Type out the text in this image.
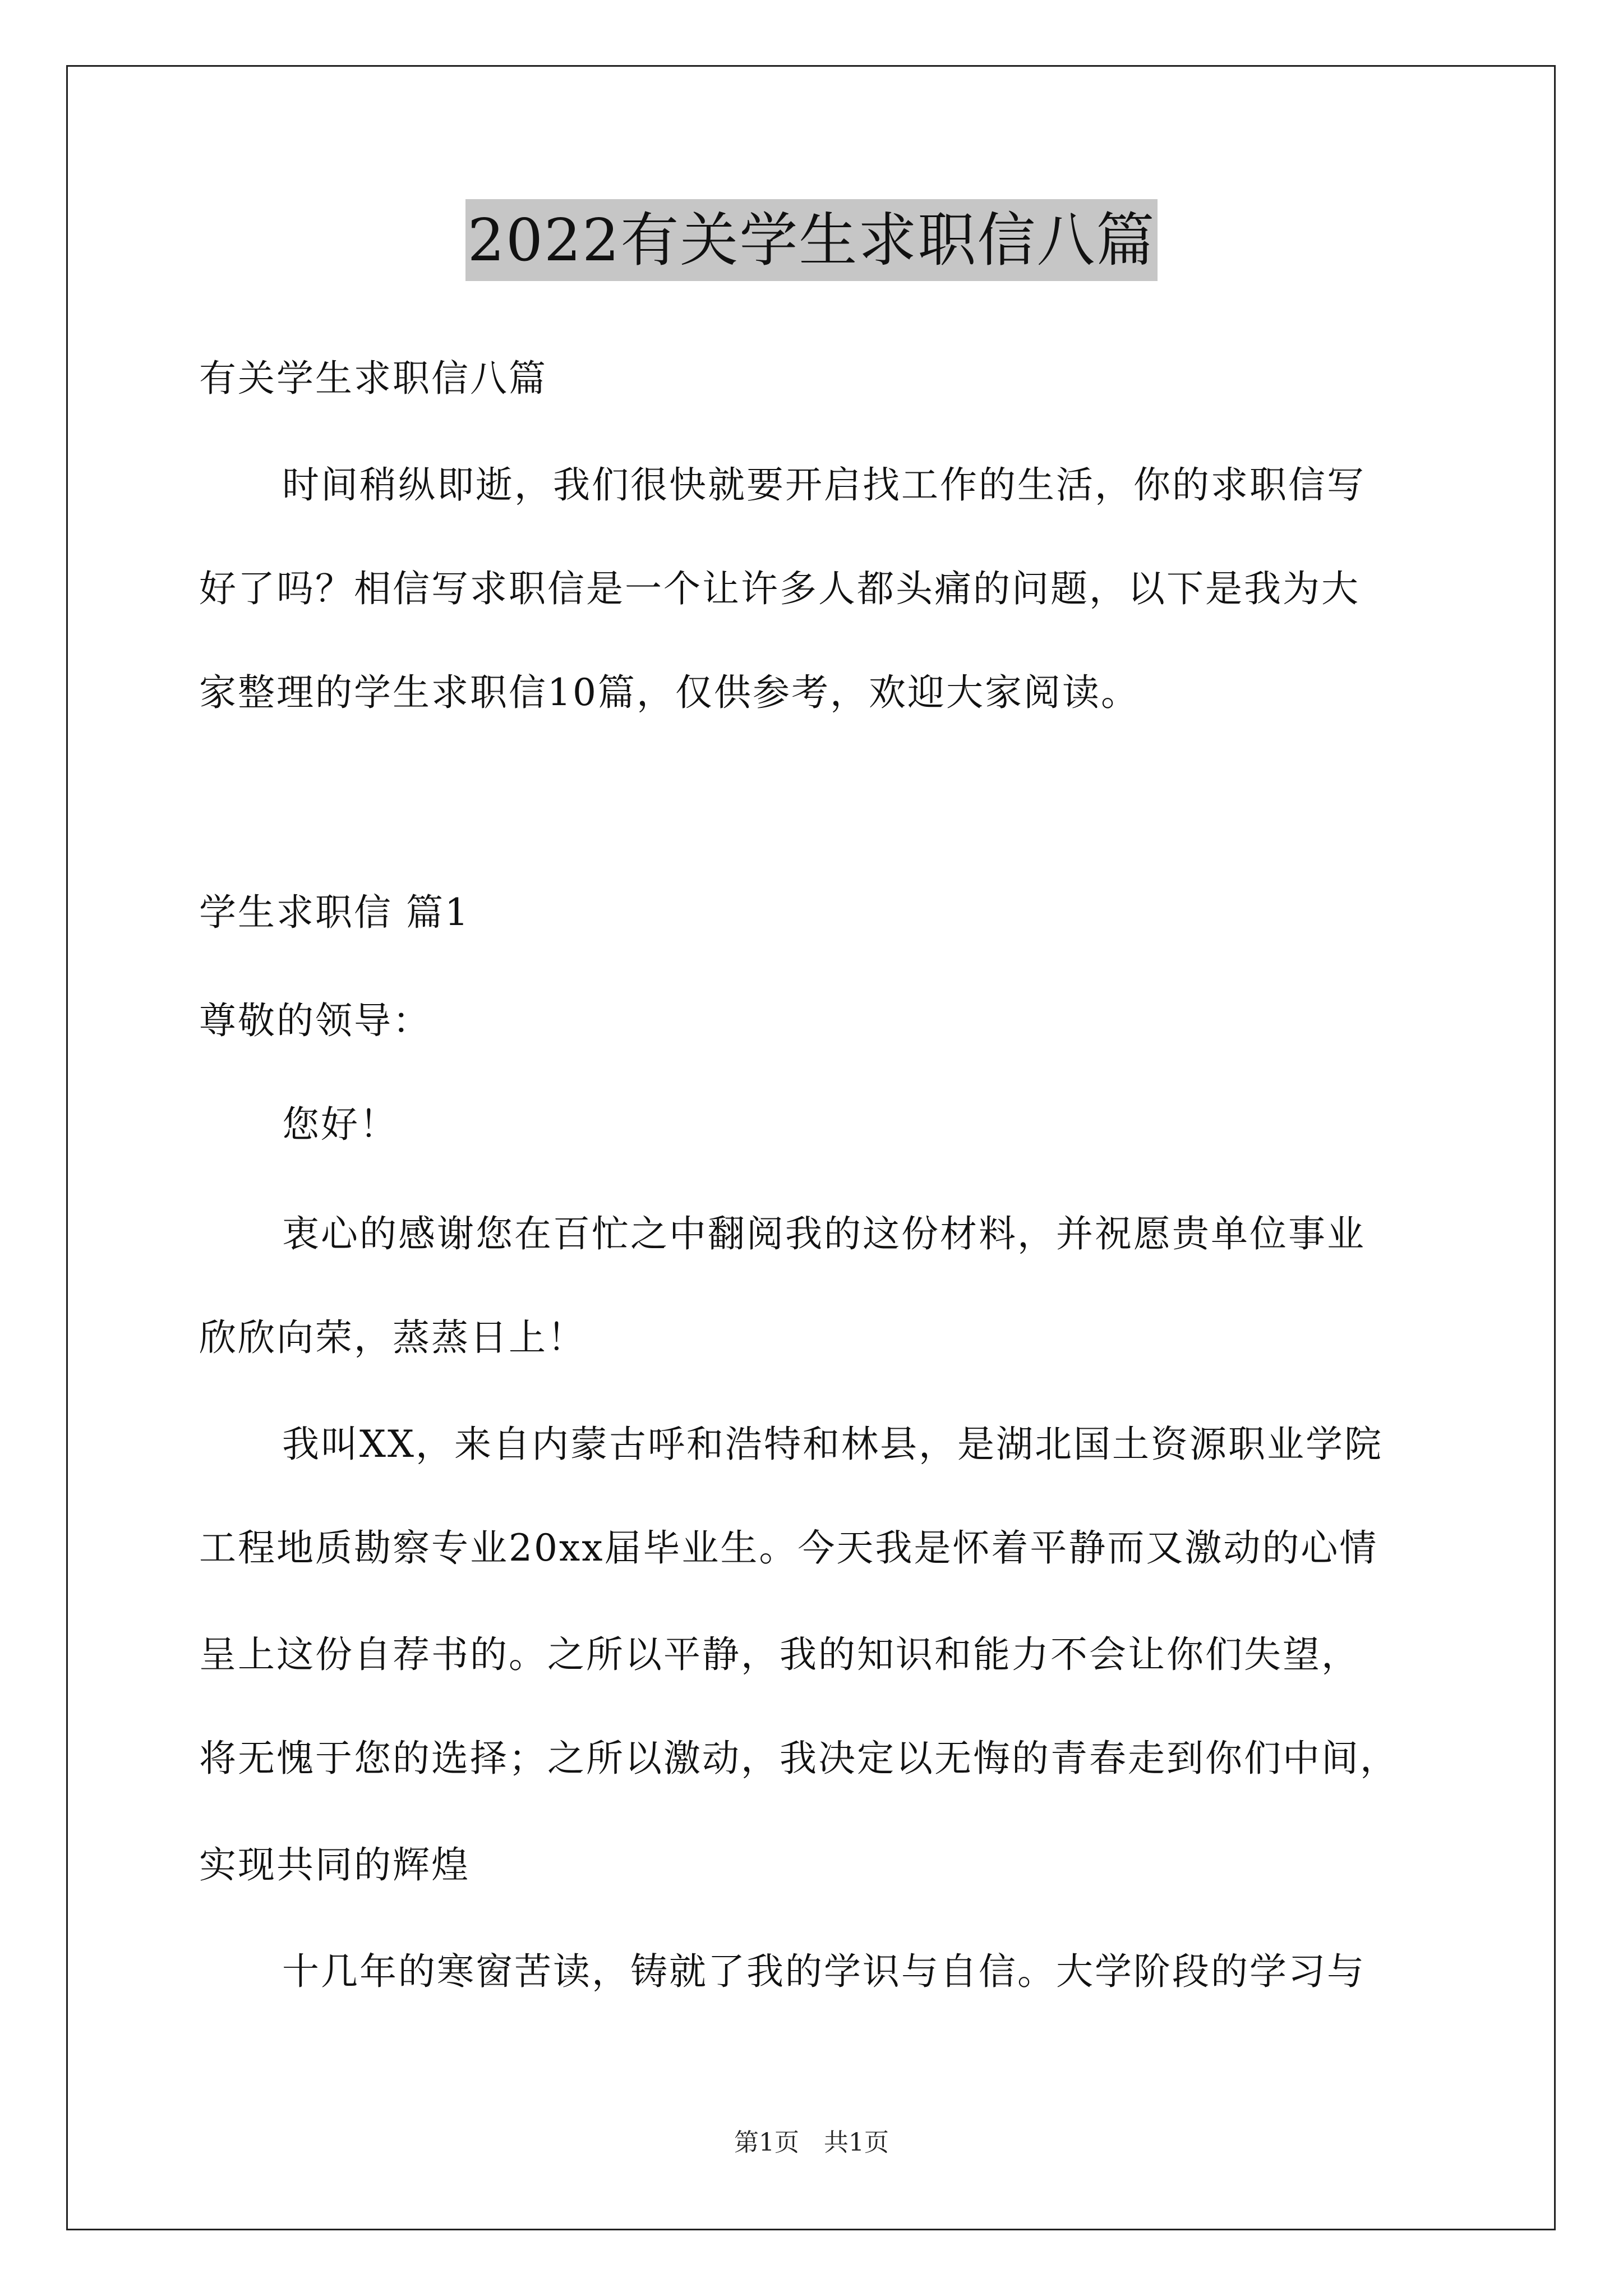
2022有关学生求职信八篇
有关学生求职信八篇
时间稍纵即逝，我们很快就要开启找工作的生活，你的求职信写
好了吗？相信写求职信是一个让许多人都头痛的问题，以下是我为大
家整理的学生求职信10篇，仅供参考，欢迎大家阅读。
学生求职信 篇1
尊敬的领导：
您好！
衷心的感谢您在百忙之中翻阅我的这份材料，并祝愿贵单位事业
欣欣向荣，蒸蒸日上！
我叫XX，来自内蒙古呼和浩特和林县，是湖北国土资源职业学院
工程地质勘察专业20xx届毕业生。今天我是怀着平静而又激动的心情
呈上这份自荐书的。之所以平静，我的知识和能力不会让你们失望，
将无愧于您的选择；之所以激动，我决定以无悔的青春走到你们中间，
实现共同的辉煌
十几年的寒窗苦读，铸就了我的学识与自信。大学阶段的学习与
第1页　共1页
